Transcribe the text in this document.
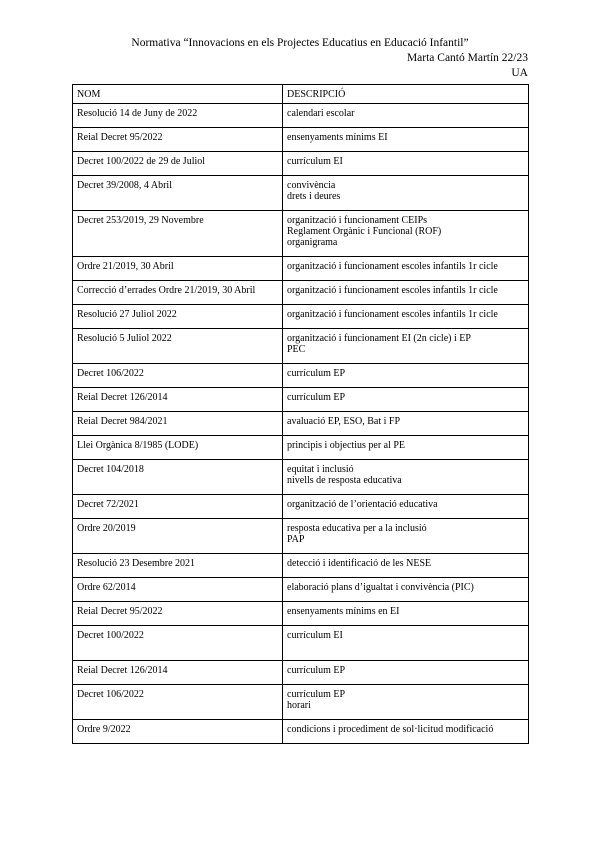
Normativa “Innovacions en els Projectes Educatius en Educació Infantil”
Marta Cantó Martín 22/23
UA
NOM	DESCRIPCIÓ
Resolució 14 de Juny de 2022	calendari escolar

Reial Decret 95/2022	ensenyaments mínims EI

Decret 100/2022 de 29 de Juliol	currículum EI

Decret 39/2008, 4 Abril	convivència
drets i deures

Decret 253/2019, 29 Novembre	organització i funcionament CEIPs
Reglament Orgànic i Funcional (ROF)
organigrama

Ordre 21/2019, 30 Abril	organització i funcionament escoles infantils 1r cicle

Correcció d’errades Ordre 21/2019, 30 Abril	organització i funcionament escoles infantils 1r cicle

Resolució 27 Juliol 2022	organització i funcionament escoles infantils 1r cicle

Resolució 5 Juliol 2022	organització i funcionament EI (2n cicle) i EP
PEC

Decret 106/2022	currículum EP

Reial Decret 126/2014	currículum EP

Reial Decret 984/2021	avaluació EP, ESO, Bat i FP

Llei Orgànica 8/1985 (LODE)	principis i objectius per al PE

Decret 104/2018	equitat i inclusió
nivells de resposta educativa

Decret 72/2021	organització de l’orientació educativa

Ordre 20/2019	resposta educativa per a la inclusió
PAP

Resolució 23 Desembre 2021	detecció i identificació de les NESE

Ordre 62/2014	elaboració plans d’igualtat i convivència (PIC)

Reial Decret 95/2022	ensenyaments mínims en EI

Decret 100/2022	currículum EI

Reial Decret 126/2014	currículum EP

Decret 106/2022	currículum EP
horari

Ordre 9/2022	condicions i procediment de sol·licitud modificació
